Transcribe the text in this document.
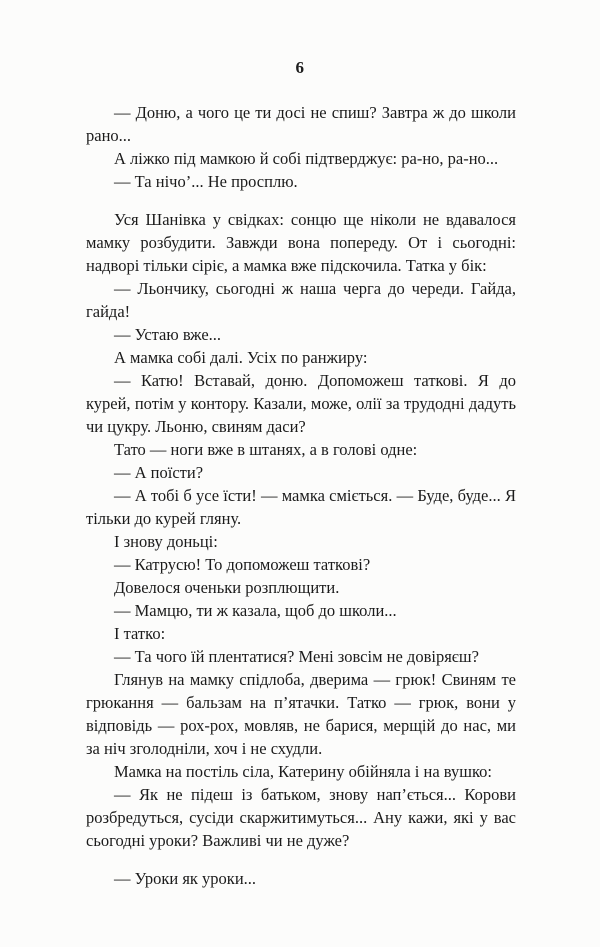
6

— Доню, а чого це ти досі не спиш? Завтра ж до школи рано...

А ліжко під мамкою й собі підтверджує: ра-но, ра-но...

— Та нічо’... Не просплю.

Уся Шанівка у свідках: сонцю ще ніколи не вдавалося мамку розбудити. Завжди вона попереду. От і сьогодні: надворі тільки сіріє, а мамка вже підскочила. Татка у бік:

— Льончику, сьогодні ж наша черга до череди. Гайда, гайда!

— Устаю вже...

А мамка собі далі. Усіх по ранжиру:

— Катю! Вставай, доню. Допоможеш таткові. Я до курей, потім у контору. Казали, може, олії за трудодні дадуть чи цукру. Льоню, свиням даси?

Тато — ноги вже в штанях, а в голові одне:

— А поїсти?

— А тобі б усе їсти! — мамка сміється. — Буде, буде... Я тільки до курей гляну.

І знову доньці:

— Катрусю! То допоможеш таткові?

Довелося оченьки розплющити.

— Мамцю, ти ж казала, щоб до школи...

І татко:

— Та чого їй плентатися? Мені зовсім не довіряєш?

Глянув на мамку спідлоба, дверима — грюк! Свиням те грюкання — бальзам на п’ятачки. Татко — грюк, вони у відповідь — рох-рох, мовляв, не барися, мерщій до нас, ми за ніч зголодніли, хоч і не схудли.

Мамка на постіль сіла, Катерину обійняла і на вушко:

— Як не підеш із батьком, знову нап’ється... Корови розбредуться, сусіди скаржитимуться... Ану кажи, які у вас сьогодні уроки? Важливі чи не дуже?

— Уроки як уроки...
